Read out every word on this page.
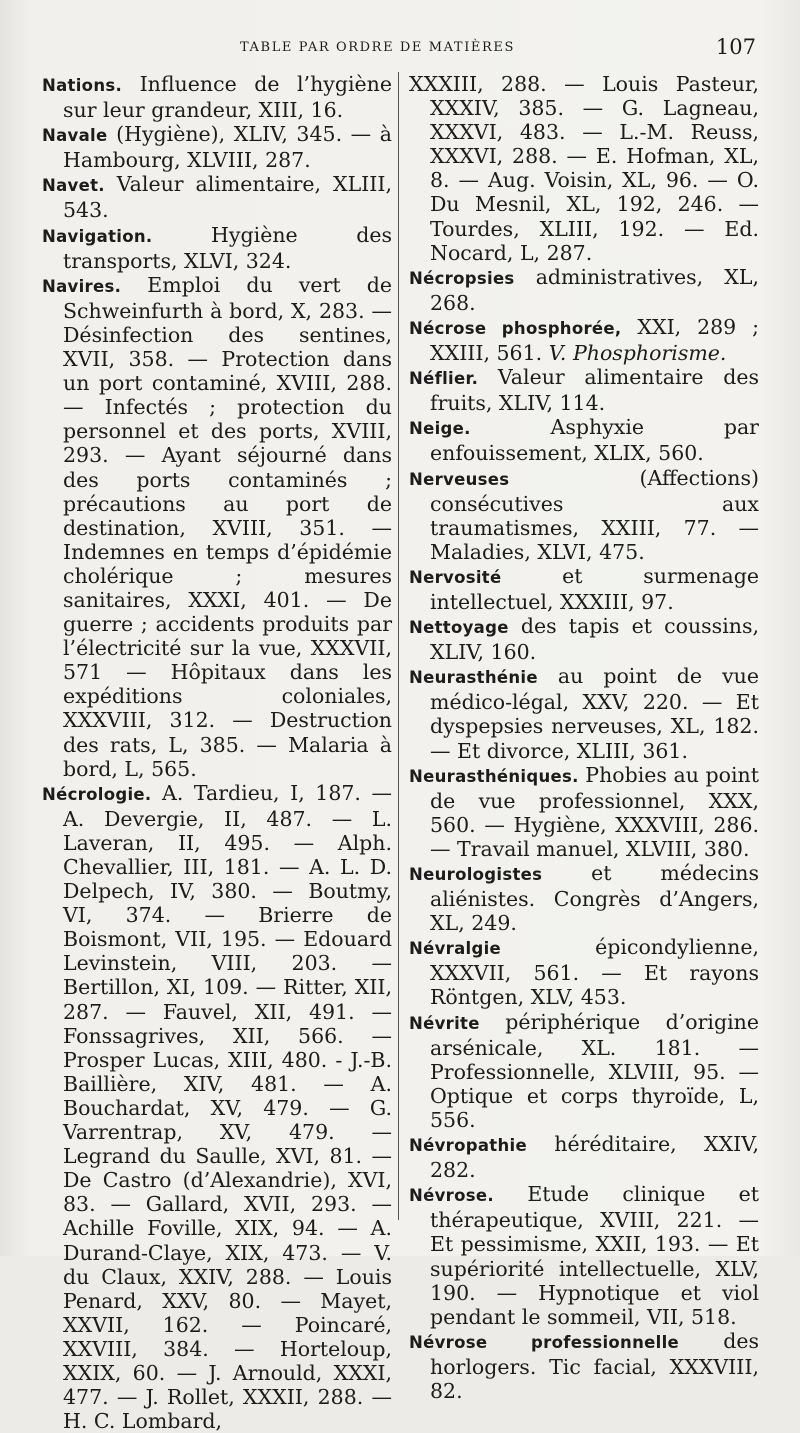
TABLE PAR ORDRE DE MATIÈRES	107

Nations. Influence de l’hygiène sur leur grandeur, XIII, 16.

Navale (Hygiène), XLIV, 345. — à Hambourg, XLVIII, 287.

Navet. Valeur alimentaire, XLIII, 543.

Navigation. Hygiène des transports, XLVI, 324.

Navires. Emploi du vert de Schweinfurth à bord, X, 283. — Désinfection des sentines, XVII, 358. — Protection dans un port contaminé, XVIII, 288. — Infectés ; protection du personnel et des ports, XVIII, 293. — Ayant séjourné dans des ports contaminés ; précautions au port de destination, XVIII, 351. — Indemnes en temps d’épidémie cholérique ; mesures sanitaires, XXXI, 401. — De guerre ; accidents produits par l’électricité sur la vue, XXXVII, 571 — Hôpitaux dans les expéditions coloniales, XXXVIII, 312. — Destruction des rats, L, 385. — Malaria à bord, L, 565.

Nécrologie. A. Tardieu, I, 187. — A. Devergie, II, 487. — L. Laveran, II, 495. — Alph. Chevallier, III, 181. — A. L. D. Delpech, IV, 380. — Boutmy, VI, 374. — Brierre de Boismont, VII, 195. — Edouard Levinstein, VIII, 203. — Bertillon, XI, 109. — Ritter, XII, 287. — Fauvel, XII, 491. — Fonssagrives, XII, 566. — Prosper Lucas, XIII, 480. - J.-B. Baillière, XIV, 481. — A. Bouchardat, XV, 479. — G. Varrentrap, XV, 479. — Legrand du Saulle, XVI, 81. — De Castro (d’Alexandrie), XVI, 83. — Gallard, XVII, 293. — Achille Foville, XIX, 94. — A. Durand-Claye, XIX, 473. — V. du Claux, XXIV, 288. — Louis Penard, XXV, 80. — Mayet, XXVII, 162. — Poincaré, XXVIII, 384. — Horteloup, XXIX, 60. — J. Arnould, XXXI, 477. — J. Rollet, XXXII, 288. — H. C. Lombard,

XXXIII, 288. — Louis Pasteur, XXXIV, 385. — G. Lagneau, XXXVI, 483. — L.-M. Reuss, XXXVI, 288. — E. Hofman, XL, 8. — Aug. Voisin, XL, 96. — O. Du Mesnil, XL, 192, 246. — Tourdes, XLIII, 192. — Ed. Nocard, L, 287.

Nécropsies administratives, XL, 268.

Nécrose phosphorée, XXI, 289 ; XXIII, 561. V. Phosphorisme.

Néflier. Valeur alimentaire des fruits, XLIV, 114.

Neige. Asphyxie par enfouissement, XLIX, 560.

Nerveuses (Affections) consécutives aux traumatismes, XXIII, 77. — Maladies, XLVI, 475.

Nervosité et surmenage intellectuel, XXXIII, 97.

Nettoyage des tapis et coussins, XLIV, 160.

Neurasthénie au point de vue médico-légal, XXV, 220. — Et dyspepsies nerveuses, XL, 182. — Et divorce, XLIII, 361.

Neurasthéniques. Phobies au point de vue professionnel, XXX, 560. — Hygiène, XXXVIII, 286. — Travail manuel, XLVIII, 380.

Neurologistes et médecins aliénistes. Congrès d’Angers, XL, 249.

Névralgie épicondylienne, XXXVII, 561. — Et rayons Röntgen, XLV, 453.

Névrite périphérique d’origine arsénicale, XL. 181. — Professionnelle, XLVIII, 95. — Optique et corps thyroïde, L, 556.

Névropathie héréditaire, XXIV, 282.

Névrose. Etude clinique et thérapeutique, XVIII, 221. — Et pessimisme, XXII, 193. — Et supériorité intellectuelle, XLV, 190. — Hypnotique et viol pendant le sommeil, VII, 518.

Névrose professionnelle des horlogers. Tic facial, XXXVIII, 82.
